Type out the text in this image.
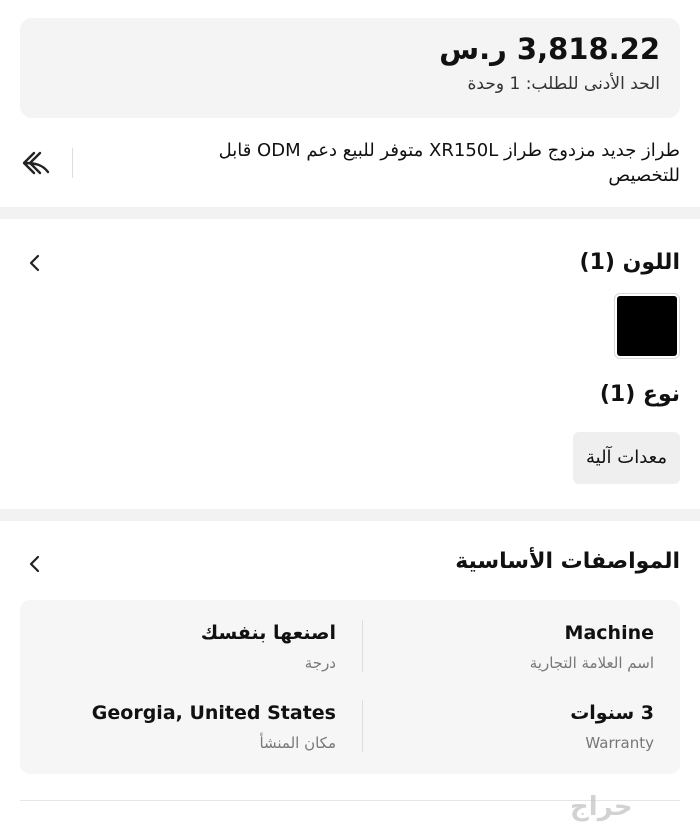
3,818.22 ر.س
الحد الأدنى للطلب: 1 وحدة
طراز جديد مزدوج طراز XR150L متوفر للبيع دعم ODM قابل للتخصيص
اللون (1)
نوع (1)
معدات آلية
المواصفات الأساسية
Machine
اسم العلامة التجارية
اصنعها بنفسك
درجة
3 سنوات
Warranty
Georgia, United States
مكان المنشأ
حراج
